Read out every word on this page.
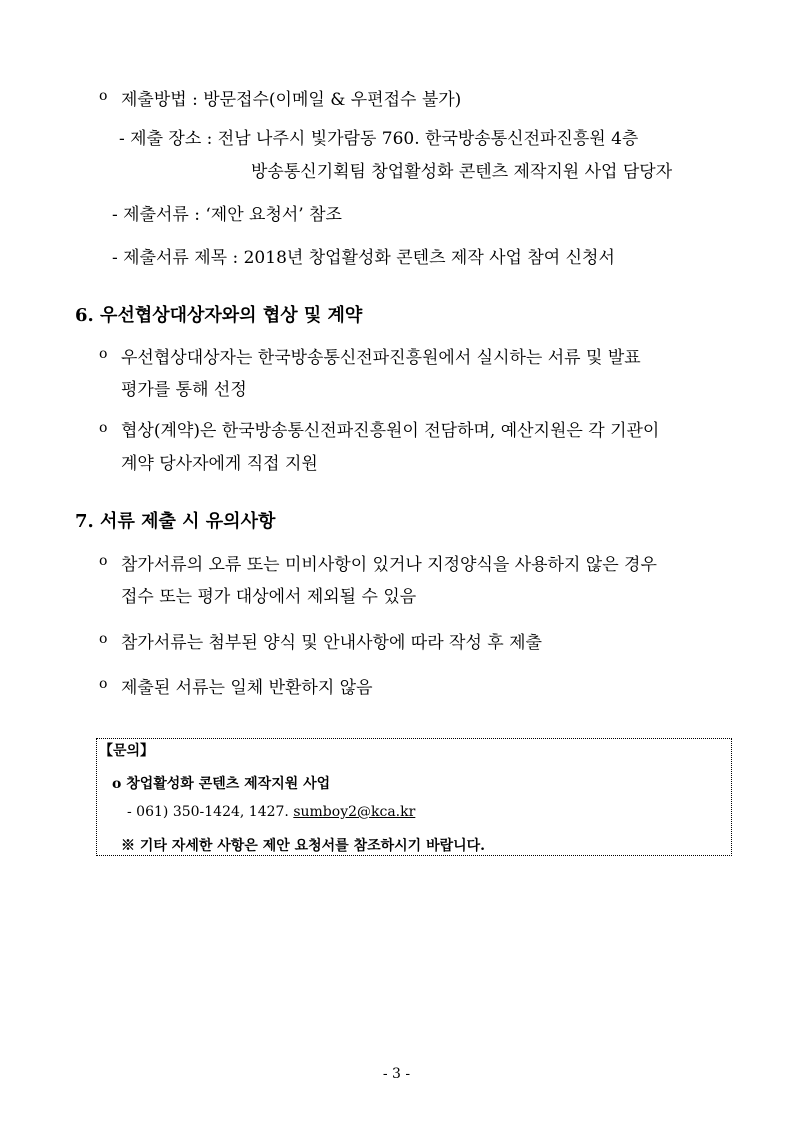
o 제출방법 : 방문접수(이메일 & 우편접수 불가)
- 제출 장소 : 전남 나주시 빛가람동 760. 한국방송통신전파진흥원 4층
방송통신기획팀 창업활성화 콘텐츠 제작지원 사업 담당자
- 제출서류 : ‘제안 요청서’ 참조
- 제출서류 제목 : 2018년 창업활성화 콘텐츠 제작 사업 참여 신청서
6. 우선협상대상자와의 협상 및 계약
o 우선협상대상자는 한국방송통신전파진흥원에서 실시하는 서류 및 발표
평가를 통해 선정
o 협상(계약)은 한국방송통신전파진흥원이 전담하며, 예산지원은 각 기관이
계약 당사자에게 직접 지원
7. 서류 제출 시 유의사항
o 참가서류의 오류 또는 미비사항이 있거나 지정양식을 사용하지 않은 경우
접수 또는 평가 대상에서 제외될 수 있음
o 참가서류는 첨부된 양식 및 안내사항에 따라 작성 후 제출
o 제출된 서류는 일체 반환하지 않음
【문의】
o 창업활성화 콘텐츠 제작지원 사업
- 061) 350-1424, 1427. sumboy2@kca.kr
※ 기타 자세한 사항은 제안 요청서를 참조하시기 바랍니다.
- 3 -
